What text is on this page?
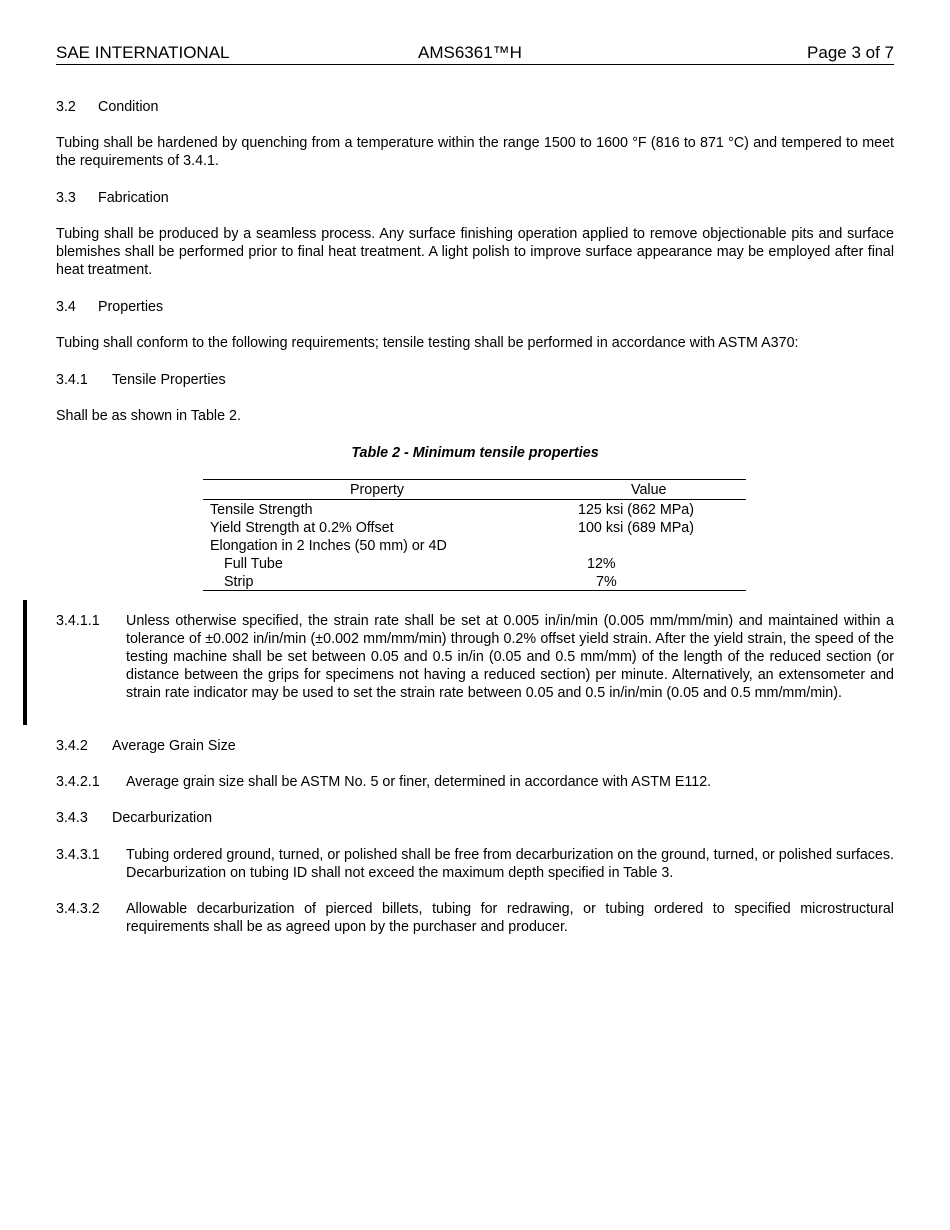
SAE INTERNATIONAL	AMS6361™H	Page 3 of 7
3.2 Condition
Tubing shall be hardened by quenching from a temperature within the range 1500 to 1600 °F (816 to 871 °C) and tempered to meet the requirements of 3.4.1.
3.3 Fabrication
Tubing shall be produced by a seamless process. Any surface finishing operation applied to remove objectionable pits and surface blemishes shall be performed prior to final heat treatment. A light polish to improve surface appearance may be employed after final heat treatment.
3.4 Properties
Tubing shall conform to the following requirements; tensile testing shall be performed in accordance with ASTM A370:
3.4.1 Tensile Properties
Shall be as shown in Table 2.
Table 2 - Minimum tensile properties
Property	Value
Tensile Strength	125 ksi (862 MPa)
Yield Strength at 0.2% Offset	100 ksi (689 MPa)
Elongation in 2 Inches (50 mm) or 4D
Full Tube	12%
Strip	7%
3.4.1.1 Unless otherwise specified, the strain rate shall be set at 0.005 in/in/min (0.005 mm/mm/min) and maintained within a tolerance of ±0.002 in/in/min (±0.002 mm/mm/min) through 0.2% offset yield strain. After the yield strain, the speed of the testing machine shall be set between 0.05 and 0.5 in/in (0.05 and 0.5 mm/mm) of the length of the reduced section (or distance between the grips for specimens not having a reduced section) per minute. Alternatively, an extensometer and strain rate indicator may be used to set the strain rate between 0.05 and 0.5 in/in/min (0.05 and 0.5 mm/mm/min).
3.4.2 Average Grain Size
3.4.2.1 Average grain size shall be ASTM No. 5 or finer, determined in accordance with ASTM E112.
3.4.3 Decarburization
3.4.3.1 Tubing ordered ground, turned, or polished shall be free from decarburization on the ground, turned, or polished surfaces. Decarburization on tubing ID shall not exceed the maximum depth specified in Table 3.
3.4.3.2 Allowable decarburization of pierced billets, tubing for redrawing, or tubing ordered to specified microstructural requirements shall be as agreed upon by the purchaser and producer.
